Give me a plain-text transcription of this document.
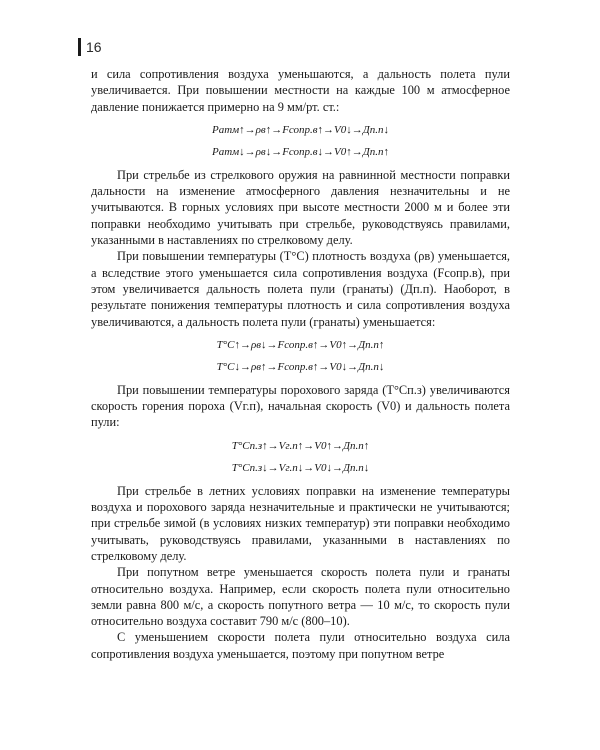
16

и сила сопротивления воздуха уменьшаются, а дальность полета пули увеличивается. При повышении местности на каждые 100 м атмосферное давление понижается примерно на 9 мм/рт. ст.:

Pатм↑→ρв↑→Fсопр.в↑→V0↓→Дп.п↓
Pатм↓→ρв↓→Fсопр.в↓→V0↑→Дп.п↑

При стрельбе из стрелкового оружия на равнинной местности поправки дальности на изменение атмосферного давления незначительны и не учитываются. В горных условиях при высоте местности 2000 м и более эти поправки необходимо учитывать при стрельбе, руководствуясь правилами, указанными в наставлениях по стрелковому делу.

При повышении температуры (T°C) плотность воздуха (ρв) уменьшается, а вследствие этого уменьшается сила сопротивления воздуха (Fсопр.в), при этом увеличивается дальность полета пули (гранаты) (Дп.п). Наоборот, в результате понижения температуры плотность и сила сопротивления воздуха увеличиваются, а дальность полета пули (гранаты) уменьшается:

T°C↑→ρв↓→Fсопр.в↑→V0↑→Дп.п↑
T°C↓→ρв↑→Fсопр.в↑→V0↓→Дп.п↓

При повышении температуры порохового заряда (T°Cп.з) увеличиваются скорость горения пороха (Vг.п), начальная скорость (V0) и дальность полета пули:

T°Cп.з↑→Vг.п↑→V0↑→Дп.п↑
T°Cп.з↓→Vг.п↓→V0↓→Дп.п↓

При стрельбе в летних условиях поправки на изменение температуры воздуха и порохового заряда незначительные и практически не учитываются; при стрельбе зимой (в условиях низких температур) эти поправки необходимо учитывать, руководствуясь правилами, указанными в наставлениях по стрелковому делу.

При попутном ветре уменьшается скорость полета пули и гранаты относительно воздуха. Например, если скорость полета пули относительно земли равна 800 м/с, а скорость попутного ветра — 10 м/с, то скорость пули относительно воздуха составит 790 м/с (800–10).

С уменьшением скорости полета пули относительно воздуха сила сопротивления воздуха уменьшается, поэтому при попутном ветре
